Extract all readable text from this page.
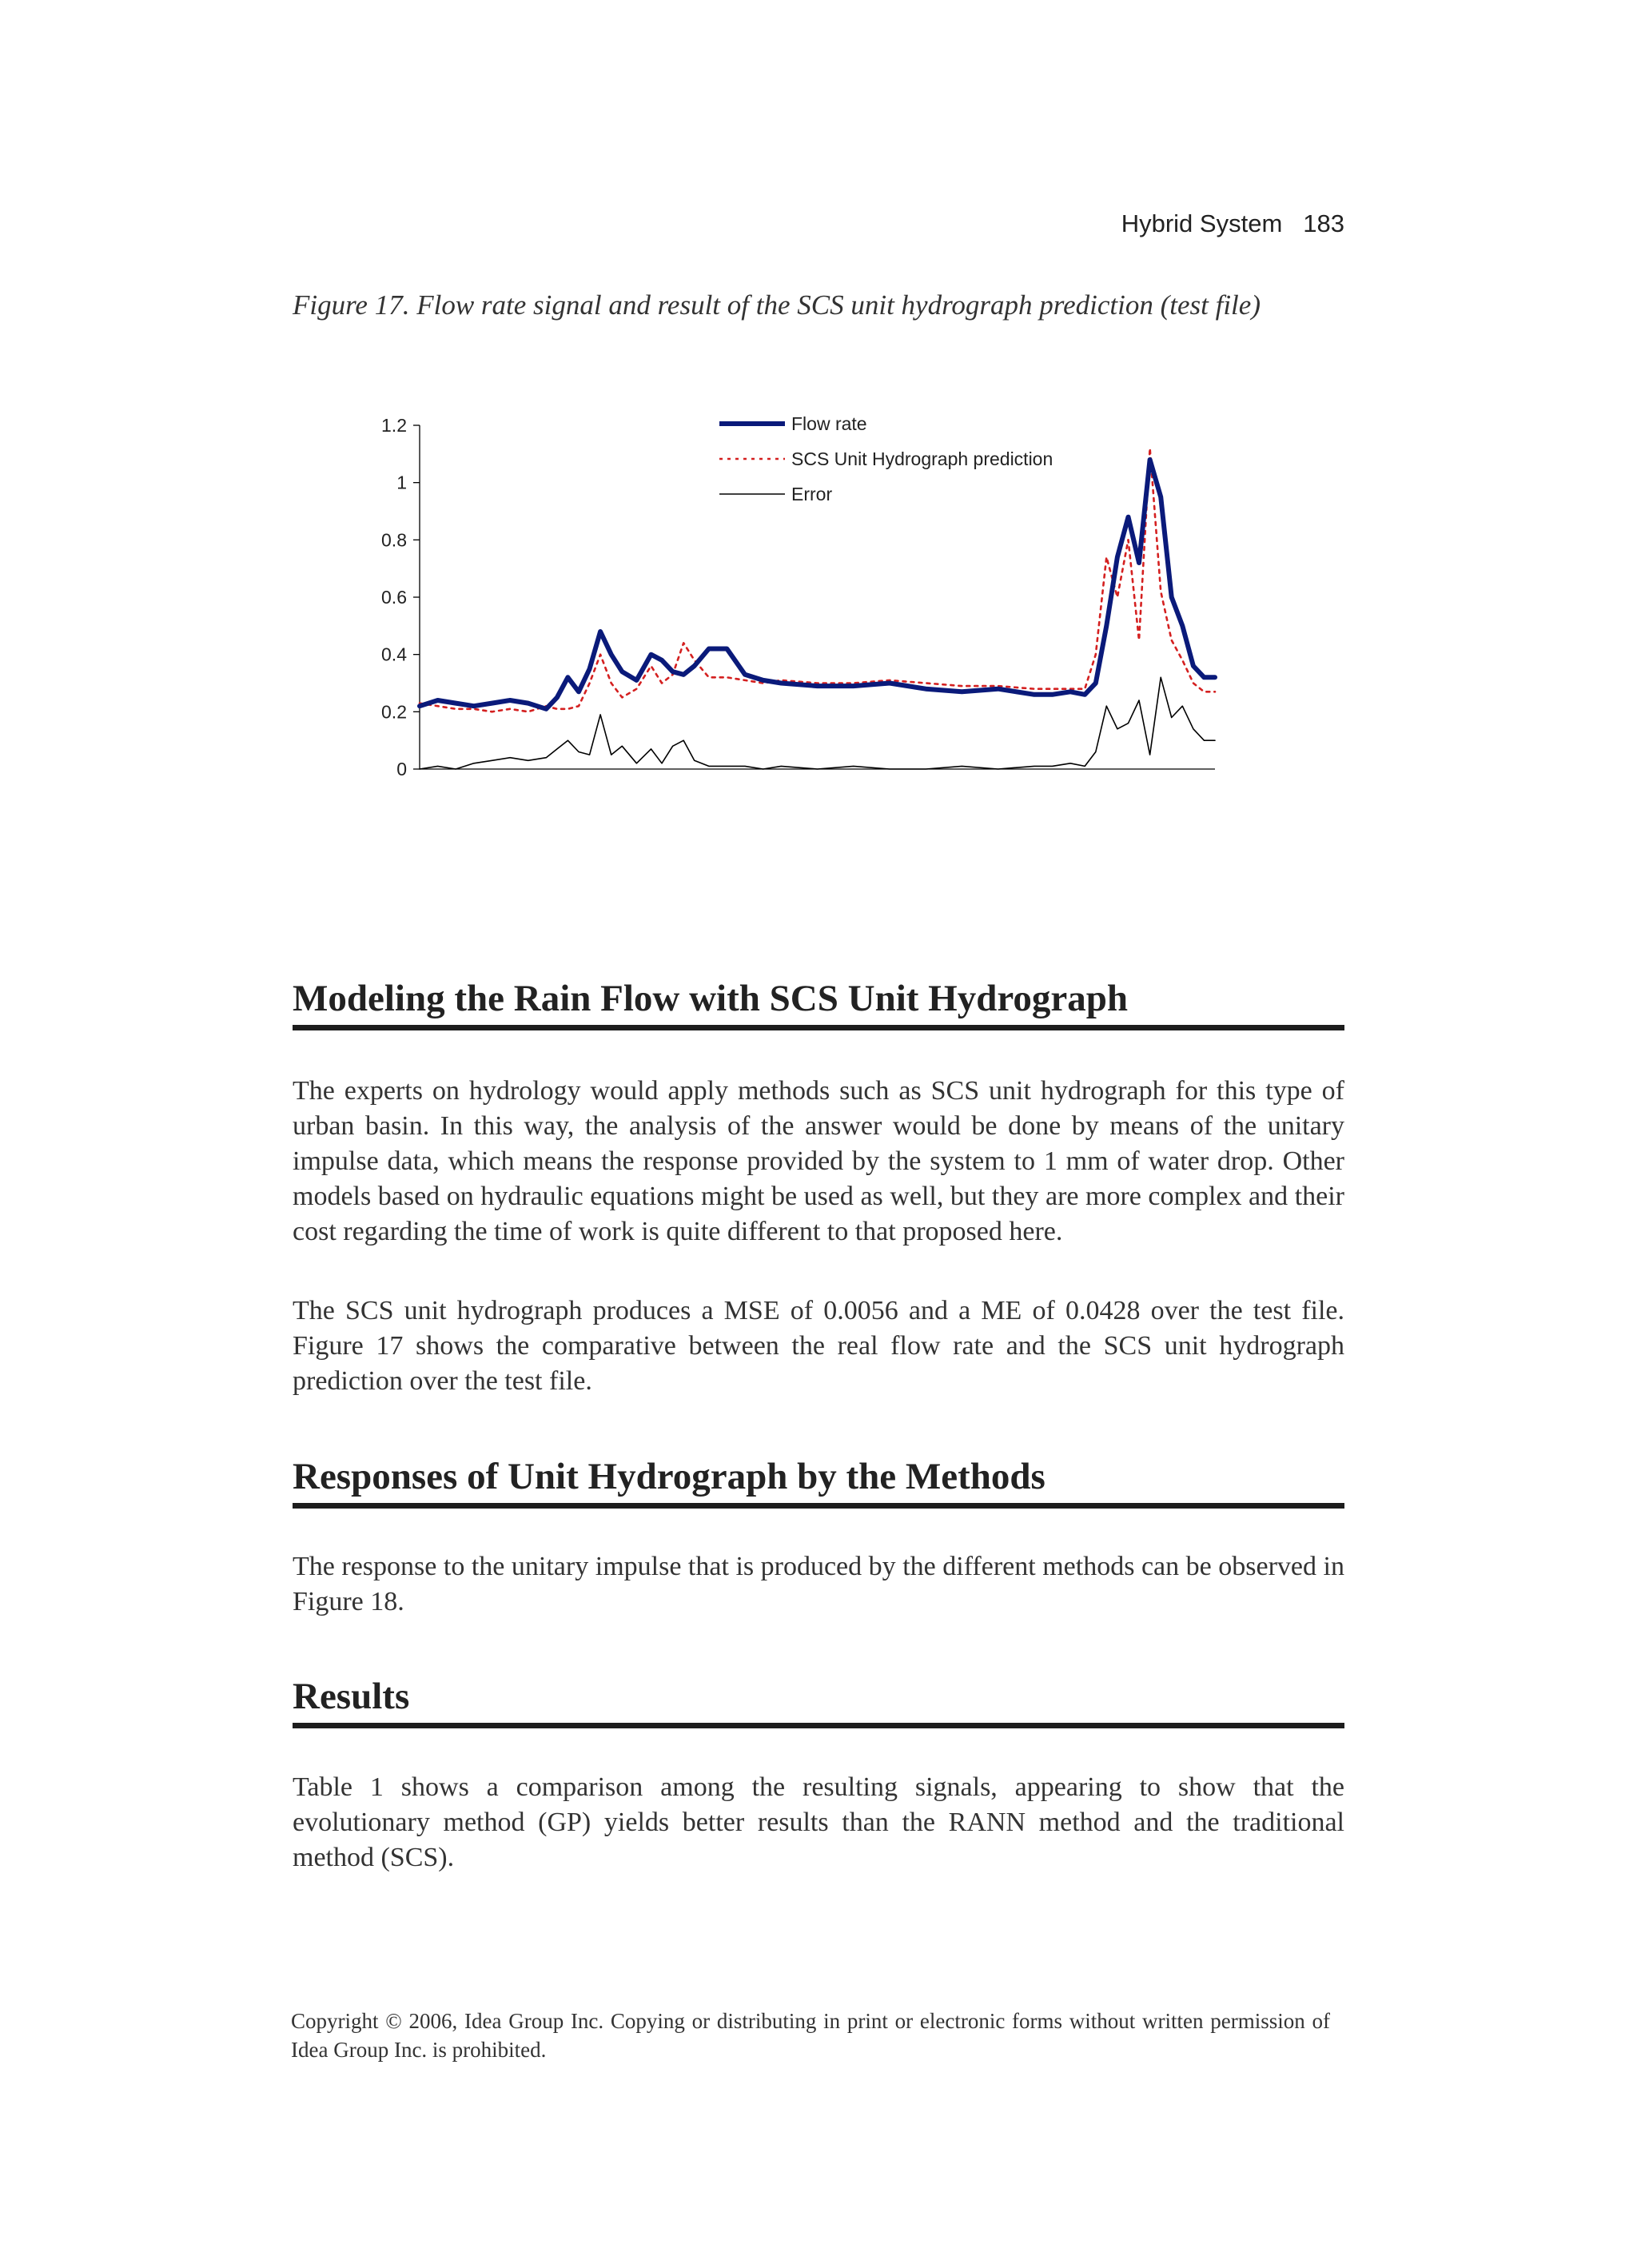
Hybrid System 183
Figure 17. Flow rate signal and result of the SCS unit hydrograph prediction (test file)
0
0.2
0.4
0.6
0.8
1
1.2	Flow rate
SCS Unit Hydrograph prediction
Error
Modeling the Rain Flow with SCS Unit Hydrograph

The experts on hydrology would apply methods such as SCS unit hydrograph for this type of urban basin. In this way, the analysis of the answer would be done by means of the unitary impulse data, which means the response provided by the system to 1 mm of water drop. Other models based on hydraulic equations might be used as well, but they are more complex and their cost regarding the time of work is quite different to that proposed here.

The SCS unit hydrograph produces a MSE of 0.0056 and a ME of 0.0428 over the test file. Figure 17 shows the comparative between the real flow rate and the SCS unit hydrograph prediction over the test file.

Responses of Unit Hydrograph by the Methods

The response to the unitary impulse that is produced by the different methods can be observed in Figure 18.

Results

Table 1 shows a comparison among the resulting signals, appearing to show that the evolutionary method (GP) yields better results than the RANN method and the traditional method (SCS).

Copyright © 2006, Idea Group Inc. Copying or distributing in print or electronic forms without written permission of Idea Group Inc. is prohibited.
